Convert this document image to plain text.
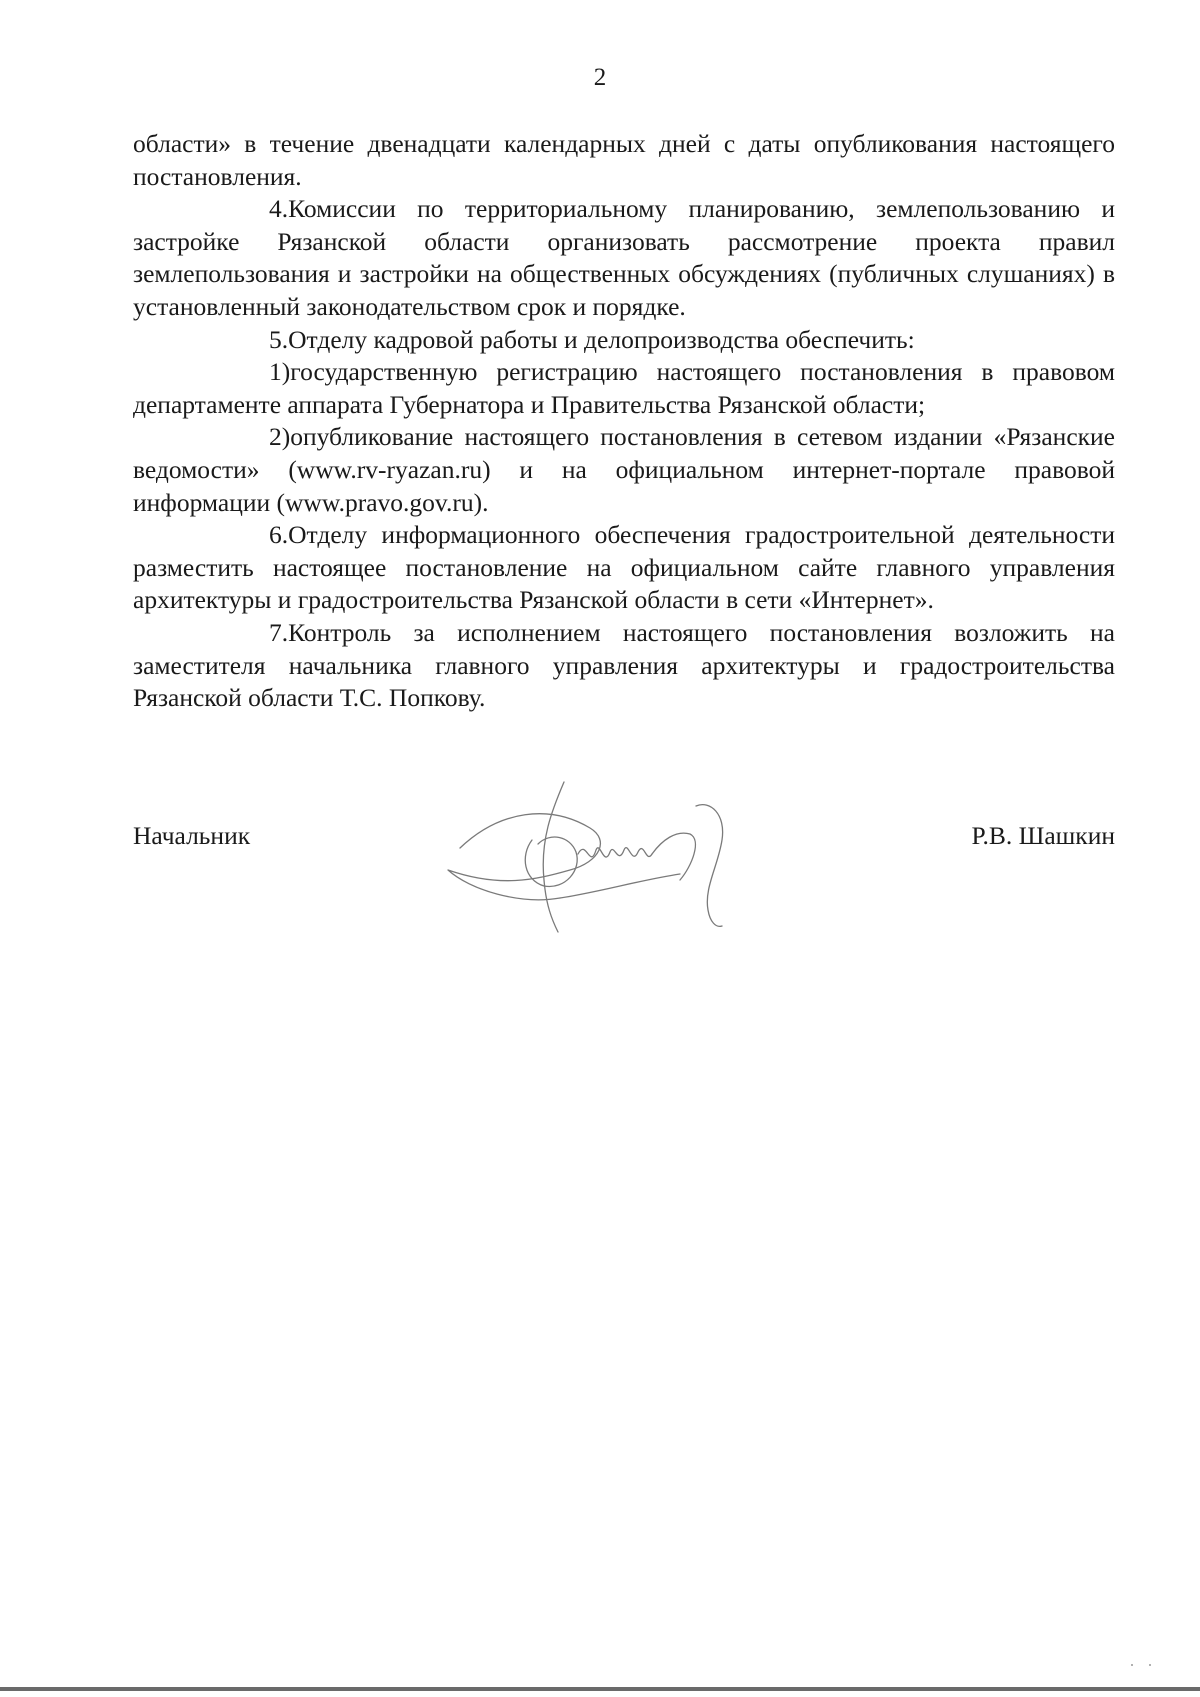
2

области» в течение двенадцати календарных дней с даты опубликования настоящего постановления.

4.Комиссии по территориальному планированию, землепользованию и застройке Рязанской области организовать рассмотрение проекта правил землепользования и застройки на общественных обсуждениях (публичных слушаниях) в установленный законодательством срок и порядке.

5.Отделу кадровой работы и делопроизводства обеспечить:

1)государственную регистрацию настоящего постановления в правовом департаменте аппарата Губернатора и Правительства Рязанской области;

2)опубликование настоящего постановления в сетевом издании «Рязанские ведомости» (www.rv-ryazan.ru) и на официальном интернет-портале правовой информации (www.pravo.gov.ru).

6.Отделу информационного обеспечения градостроительной деятельности разместить настоящее постановление на официальном сайте главного управления архитектуры и градостроительства Рязанской области в сети «Интернет».

7.Контроль за исполнением настоящего постановления возложить на заместителя начальника главного управления архитектуры и градостроительства Рязанской области Т.С. Попкову.

Начальник	Р.В. Шашкин
